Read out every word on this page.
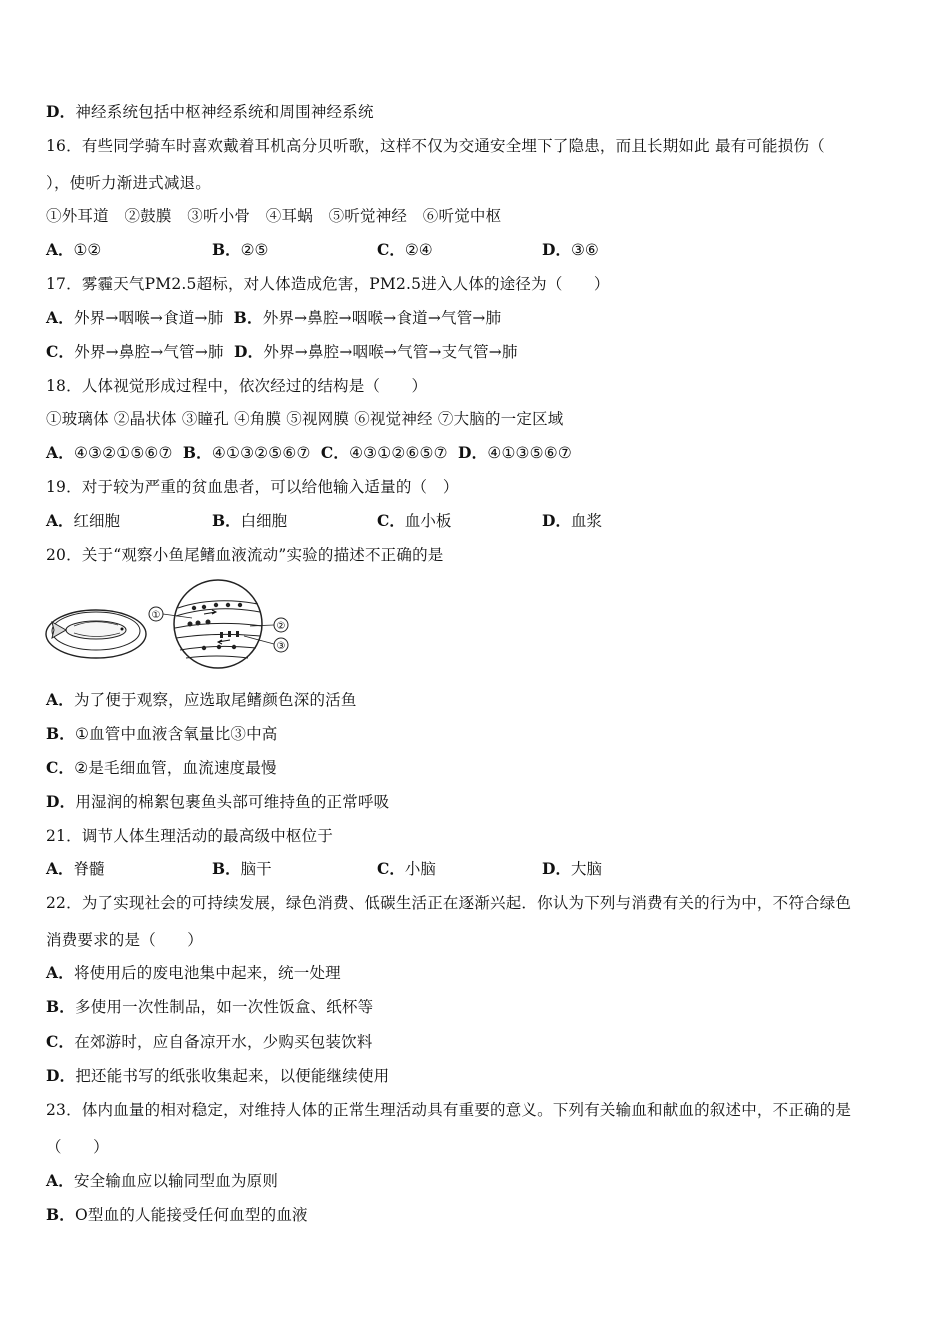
D．神经系统包括中枢神经系统和周围神经系统
16．有些同学骑车时喜欢戴着耳机高分贝听歌，这样不仅为交通安全埋下了隐患，而且长期如此 最有可能损伤（
），使听力渐进式减退。
①外耳道　②鼓膜　③听小骨　④耳蜗　⑤听觉神经　⑥听觉中枢
A．①②	B．②⑤	C．②④	D．③⑥
17．雾霾天气PM2.5超标，对人体造成危害，PM2.5进入人体的途径为（　　）
A．外界→咽喉→食道→肺 B．外界→鼻腔→咽喉→食道→气管→肺
C．外界→鼻腔→气管→肺 D．外界→鼻腔→咽喉→气管→支气管→肺
18．人体视觉形成过程中，依次经过的结构是（　　）
①玻璃体 ②晶状体 ③瞳孔 ④角膜 ⑤视网膜 ⑥视觉神经 ⑦大脑的一定区域
A．④③②①⑤⑥⑦ B．④①③②⑤⑥⑦ C．④③①②⑥⑤⑦ D．④①③⑤⑥⑦
19．对于较为严重的贫血患者，可以给他输入适量的（　）
A．红细胞	B．白细胞	C．血小板	D．血浆
20．关于“观察小鱼尾鳍血液流动”实验的描述不正确的是
①
②
③
A．为了便于观察，应选取尾鳍颜色深的活鱼
B．①血管中血液含氧量比③中高
C．②是毛细血管，血流速度最慢
D．用湿润的棉絮包裹鱼头部可维持鱼的正常呼吸
21．调节人体生理活动的最高级中枢位于
A．脊髓	B．脑干	C．小脑	D．大脑
22．为了实现社会的可持续发展，绿色消费、低碳生活正在逐渐兴起．你认为下列与消费有关的行为中，不符合绿色
消费要求的是（　　）
A．将使用后的废电池集中起来，统一处理
B．多使用一次性制品，如一次性饭盒、纸杯等
C．在郊游时，应自备凉开水，少购买包装饮料
D．把还能书写的纸张收集起来，以便能继续使用
23．体内血量的相对稳定，对维持人体的正常生理活动具有重要的意义。下列有关输血和献血的叙述中，不正确的是
（　　）
A．安全输血应以输同型血为原则
B．O型血的人能接受任何血型的血液
